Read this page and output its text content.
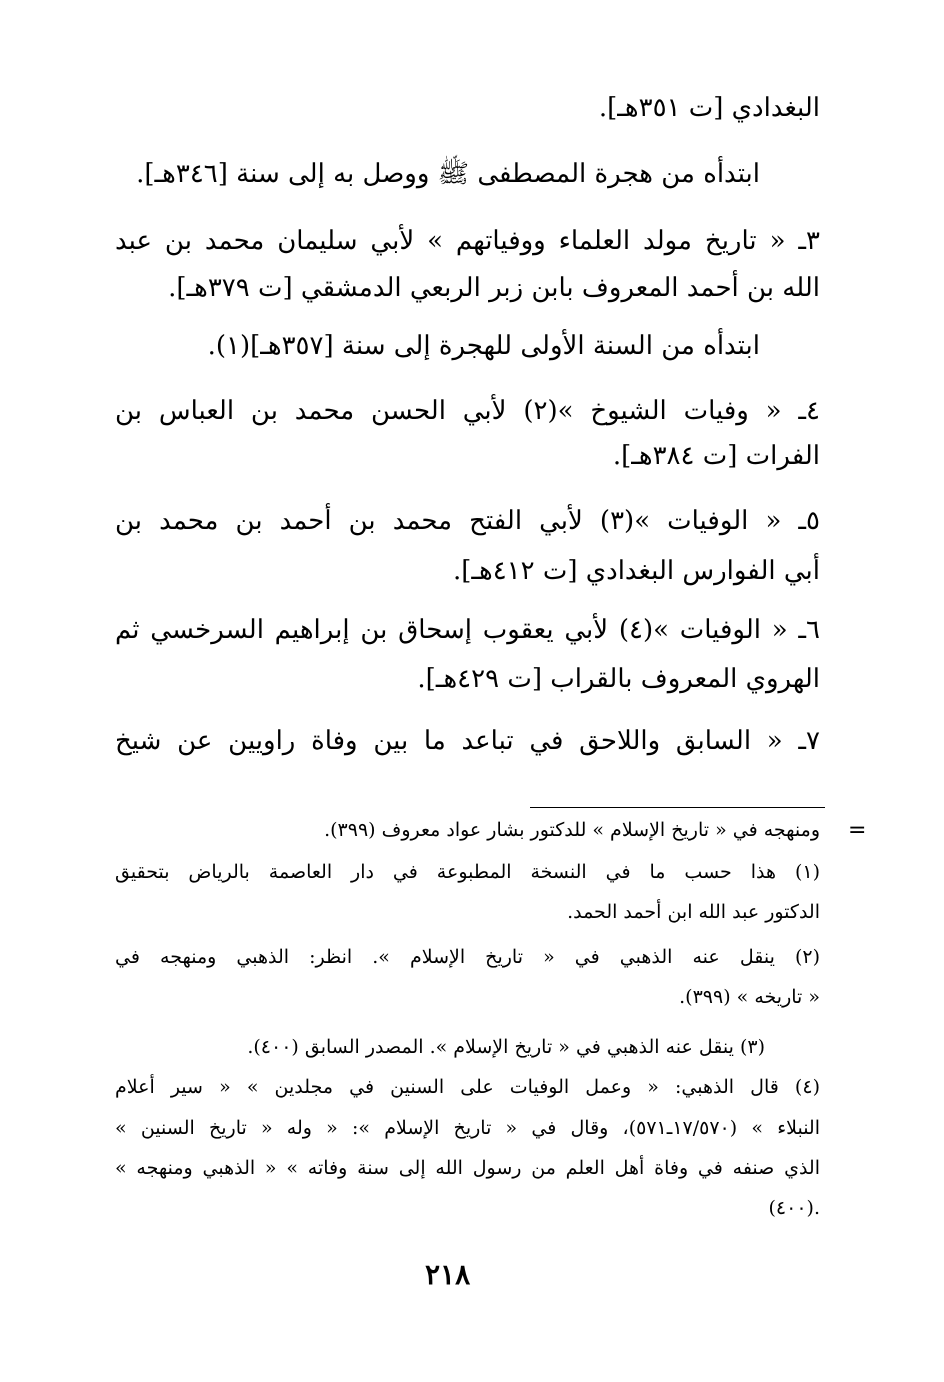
البغدادي [ت ٣٥١هـ].
ابتدأه من هجرة المصطفى ﷺ ووصل به إلى سنة [٣٤٦هـ].
٣ـ « تاريخ مولد العلماء ووفياتهم » لأبي سليمان محمد بن عبد
الله بن أحمد المعروف بابن زبر الربعي الدمشقي [ت ٣٧٩هـ].
ابتدأه من السنة الأولى للهجرة إلى سنة [٣٥٧هـ](١).
٤ـ « وفيات الشيوخ »(٢) لأبي الحسن محمد بن العباس بن
الفرات [ت ٣٨٤هـ].
٥ـ « الوفيات »(٣) لأبي الفتح محمد بن أحمد بن محمد بن
أبي الفوارس البغدادي [ت ٤١٢هـ].
٦ـ « الوفيات »(٤) لأبي يعقوب إسحاق بن إبراهيم السرخسي ثم
الهروي المعروف بالقراب [ت ٤٢٩هـ].
٧ـ « السابق واللاحق في تباعد ما بين وفاة راويين عن شيخ
=
ومنهجه في « تاريخ الإسلام » للدكتور بشار عواد معروف (٣٩٩).
(١) هذا حسب ما في النسخة المطبوعة في دار العاصمة بالرياض بتحقيق
الدكتور عبد الله ابن أحمد الحمد.
(٢) ينقل عنه الذهبي في « تاريخ الإسلام ». انظر: الذهبي ومنهجه في
« تاريخه » (٣٩٩).
(٣) ينقل عنه الذهبي في « تاريخ الإسلام ». المصدر السابق (٤٠٠).
(٤) قال الذهبي: « وعمل الوفيات على السنين في مجلدين » « سير أعلام
النبلاء » (١٧/٥٧٠ـ٥٧١)، وقال في « تاريخ الإسلام »: « وله « تاريخ السنين »
الذي صنفه في وفاة أهل العلم من رسول الله إلى سنة وفاته » « الذهبي ومنهجه »
(٤٠٠).
٢١٨
